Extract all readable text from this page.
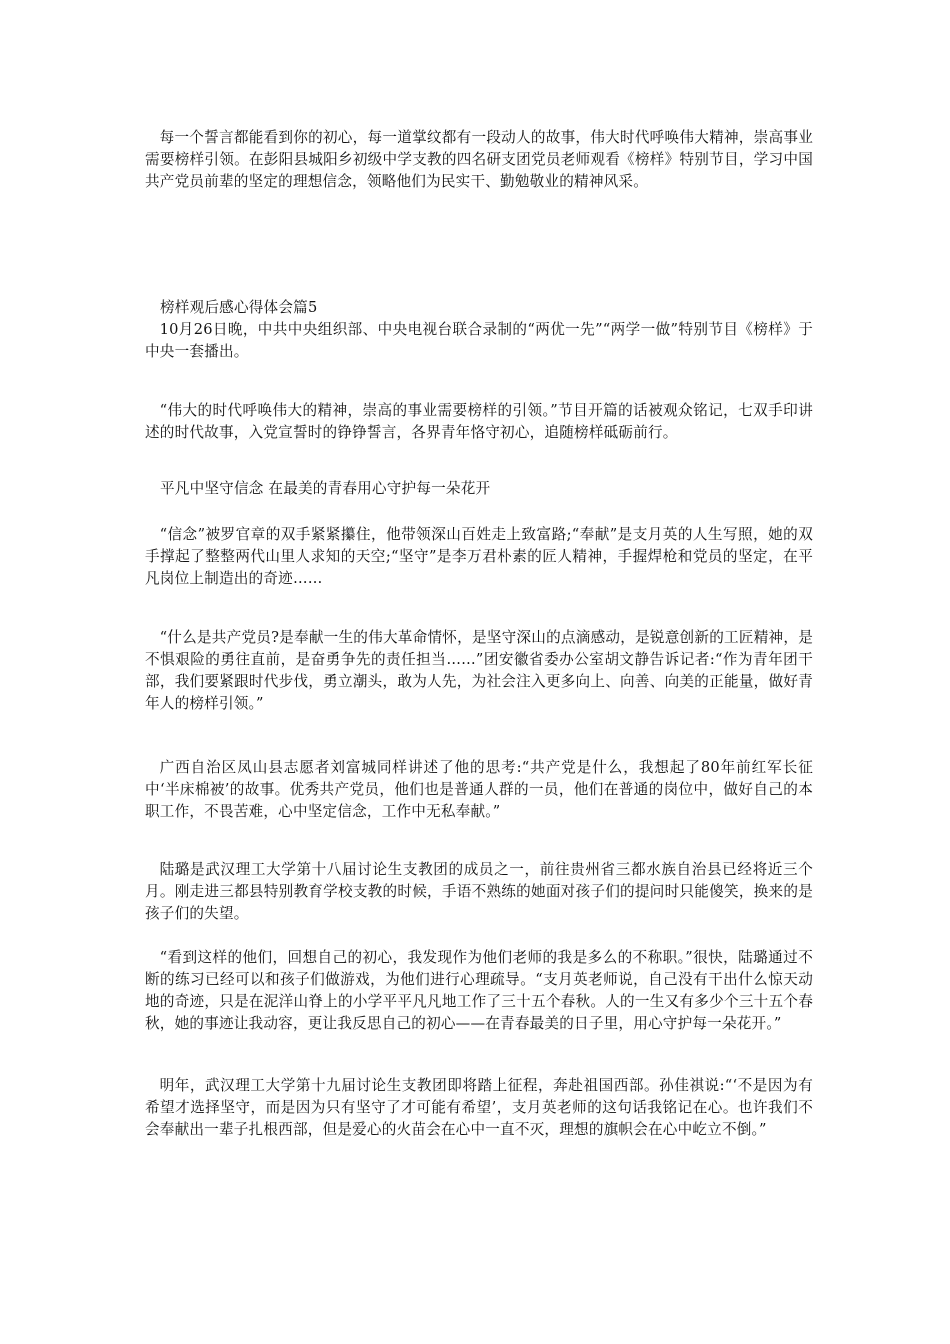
每一个誓言都能看到你的初心，每一道掌纹都有一段动人的故事，伟大时代呼唤伟大精神，崇高事业需要榜样引领。在彭阳县城阳乡初级中学支教的四名研支团党员老师观看《榜样》特别节目，学习中国共产党员前辈的坚定的理想信念，领略他们为民实干、勤勉敬业的精神风采。

榜样观后感心得体会篇5

10月26日晚，中共中央组织部、中央电视台联合录制的“两优一先”“两学一做”特别节目《榜样》于中央一套播出。

“伟大的时代呼唤伟大的精神，崇高的事业需要榜样的引领。”节目开篇的话被观众铭记，七双手印讲述的时代故事，入党宣誓时的铮铮誓言，各界青年恪守初心，追随榜样砥砺前行。

平凡中坚守信念 在最美的青春用心守护每一朵花开

“信念”被罗官章的双手紧紧攥住，他带领深山百姓走上致富路;“奉献”是支月英的人生写照，她的双手撑起了整整两代山里人求知的天空;“坚守”是李万君朴素的匠人精神，手握焊枪和党员的坚定，在平凡岗位上制造出的奇迹……

“什么是共产党员?是奉献一生的伟大革命情怀，是坚守深山的点滴感动，是锐意创新的工匠精神，是不惧艰险的勇往直前，是奋勇争先的责任担当……”团安徽省委办公室胡文静告诉记者:“作为青年团干部，我们要紧跟时代步伐，勇立潮头，敢为人先，为社会注入更多向上、向善、向美的正能量，做好青年人的榜样引领。”

广西自治区凤山县志愿者刘富城同样讲述了他的思考:“共产党是什么，我想起了80年前红军长征中‘半床棉被’的故事。优秀共产党员，他们也是普通人群的一员，他们在普通的岗位中，做好自己的本职工作，不畏苦难，心中坚定信念，工作中无私奉献。”

陆璐是武汉理工大学第十八届讨论生支教团的成员之一，前往贵州省三都水族自治县已经将近三个月。刚走进三都县特别教育学校支教的时候，手语不熟练的她面对孩子们的提问时只能傻笑，换来的是孩子们的失望。

“看到这样的他们，回想自己的初心，我发现作为他们老师的我是多么的不称职。”很快，陆璐通过不断的练习已经可以和孩子们做游戏，为他们进行心理疏导。“支月英老师说，自己没有干出什么惊天动地的奇迹，只是在泥洋山脊上的小学平平凡凡地工作了三十五个春秋。人的一生又有多少个三十五个春秋，她的事迹让我动容，更让我反思自己的初心——在青春最美的日子里，用心守护每一朵花开。”

明年，武汉理工大学第十九届讨论生支教团即将踏上征程，奔赴祖国西部。孙佳祺说:“‘不是因为有希望才选择坚守，而是因为只有坚守了才可能有希望’，支月英老师的这句话我铭记在心。也许我们不会奉献出一辈子扎根西部，但是爱心的火苗会在心中一直不灭，理想的旗帜会在心中屹立不倒。”
